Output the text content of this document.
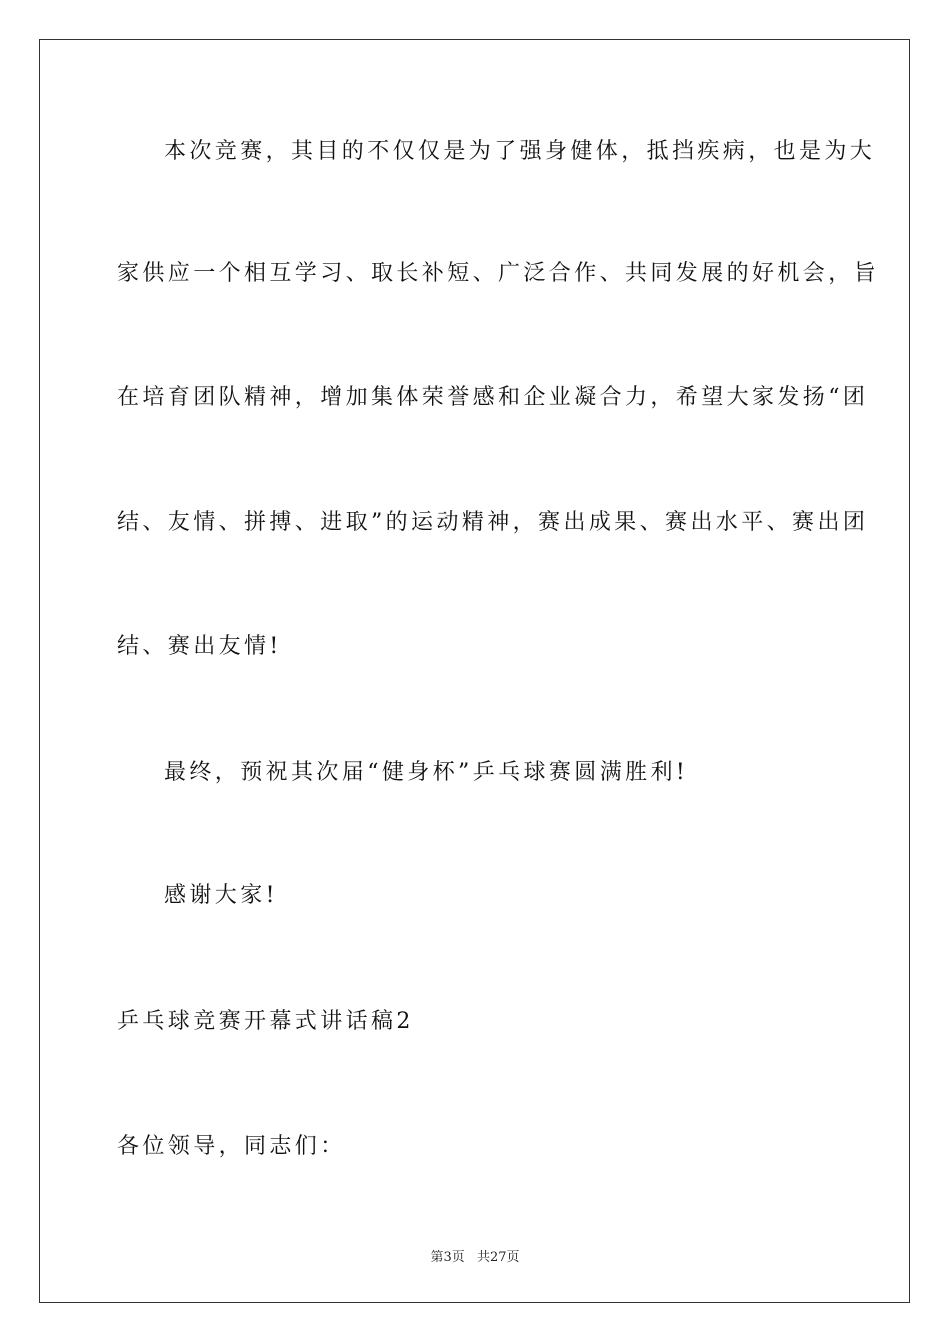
本次竞赛，其目的不仅仅是为了强身健体，抵挡疾病，也是为大
家供应一个相互学习、取长补短、广泛合作、共同发展的好机会，旨
在培育团队精神，增加集体荣誉感和企业凝合力，希望大家发扬“团
结、友情、拼搏、进取”的运动精神，赛出成果、赛出水平、赛出团
结、赛出友情!
最终，预祝其次届“健身杯”乒乓球赛圆满胜利!
感谢大家!
乒乓球竞赛开幕式讲话稿2
各位领导，同志们：
第3页 共27页
